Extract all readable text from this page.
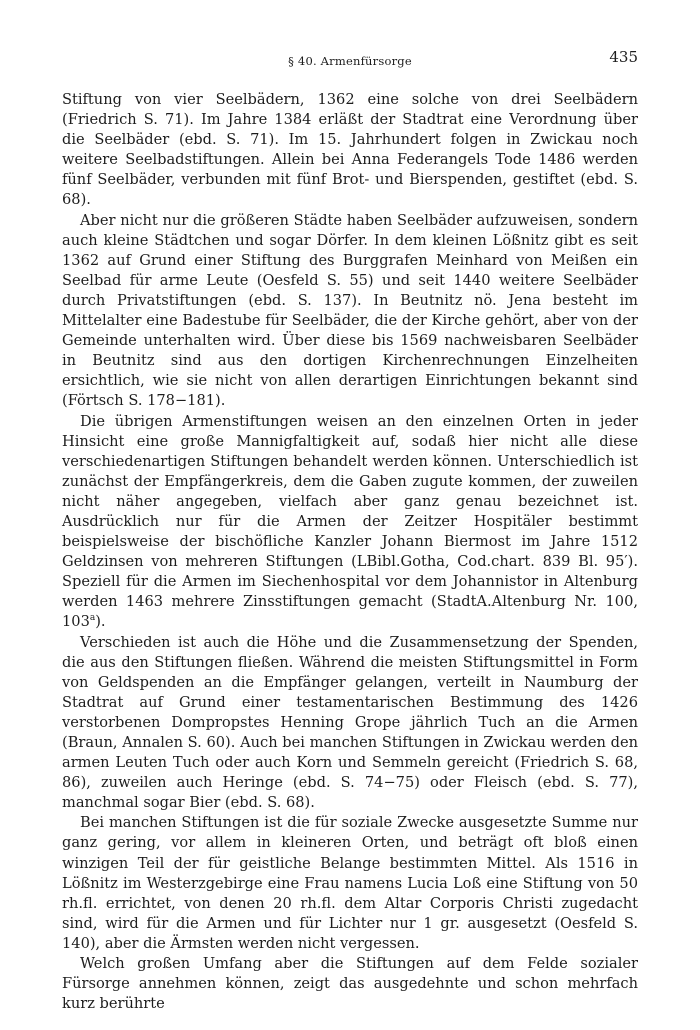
§ 40. Armenfürsorge	435

Stiftung von vier Seelbädern, 1362 eine solche von drei Seelbädern (Friedrich S. 71). Im Jahre 1384 erläßt der Stadtrat eine Verordnung über die Seelbäder (ebd. S. 71). Im 15. Jahrhundert folgen in Zwickau noch weitere Seelbadstiftungen. Allein bei Anna Federangels Tode 1486 werden fünf Seelbäder, verbunden mit fünf Brot- und Bierspenden, gestiftet (ebd. S. 68).

Aber nicht nur die größeren Städte haben Seelbäder aufzuweisen, sondern auch kleine Städtchen und sogar Dörfer. In dem kleinen Lößnitz gibt es seit 1362 auf Grund einer Stiftung des Burggrafen Meinhard von Meißen ein Seelbad für arme Leute (Oesfeld S. 55) und seit 1440 weitere Seelbäder durch Privatstiftungen (ebd. S. 137). In Beutnitz nö. Jena besteht im Mittelalter eine Badestube für Seelbäder, die der Kirche gehört, aber von der Gemeinde unterhalten wird. Über diese bis 1569 nachweisbaren Seelbäder in Beutnitz sind aus den dortigen Kirchenrechnungen Einzelheiten ersichtlich, wie sie nicht von allen derartigen Einrichtungen bekannt sind (Förtsch S. 178−181).

Die übrigen Armenstiftungen weisen an den einzelnen Orten in jeder Hinsicht eine große Mannigfaltigkeit auf, sodaß hier nicht alle diese verschiedenartigen Stiftungen behandelt werden können. Unterschiedlich ist zunächst der Empfängerkreis, dem die Gaben zugute kommen, der zuweilen nicht näher angegeben, vielfach aber ganz genau bezeichnet ist. Ausdrücklich nur für die Armen der Zeitzer Hospitäler bestimmt beispielsweise der bischöfliche Kanzler Johann Biermost im Jahre 1512 Geldzinsen von mehreren Stiftungen (LBibl.Gotha, Cod.chart. 839 Bl. 95′). Speziell für die Armen im Siechenhospital vor dem Johannistor in Altenburg werden 1463 mehrere Zinsstiftungen gemacht (StadtA.Altenburg Nr. 100, 103$^a$).

Verschieden ist auch die Höhe und die Zusammensetzung der Spenden, die aus den Stiftungen fließen. Während die meisten Stiftungsmittel in Form von Geldspenden an die Empfänger gelangen, verteilt in Naumburg der Stadtrat auf Grund einer testamentarischen Bestimmung des 1426 verstorbenen Dompropstes Henning Grope jährlich Tuch an die Armen (Braun, Annalen S. 60). Auch bei manchen Stiftungen in Zwickau werden den armen Leuten Tuch oder auch Korn und Semmeln gereicht (Friedrich S. 68, 86), zuweilen auch Heringe (ebd. S. 74−75) oder Fleisch (ebd. S. 77), manchmal sogar Bier (ebd. S. 68).

Bei manchen Stiftungen ist die für soziale Zwecke ausgesetzte Summe nur ganz gering, vor allem in kleineren Orten, und beträgt oft bloß einen winzigen Teil der für geistliche Belange bestimmten Mittel. Als 1516 in Lößnitz im Westerzgebirge eine Frau namens Lucia Loß eine Stiftung von 50 rh.fl. errichtet, von denen 20 rh.fl. dem Altar Corporis Christi zugedacht sind, wird für die Armen und für Lichter nur 1 gr. ausgesetzt (Oesfeld S. 140), aber die Ärmsten werden nicht vergessen.

Welch großen Umfang aber die Stiftungen auf dem Felde sozialer Fürsorge annehmen können, zeigt das ausgedehnte und schon mehrfach kurz berührte
